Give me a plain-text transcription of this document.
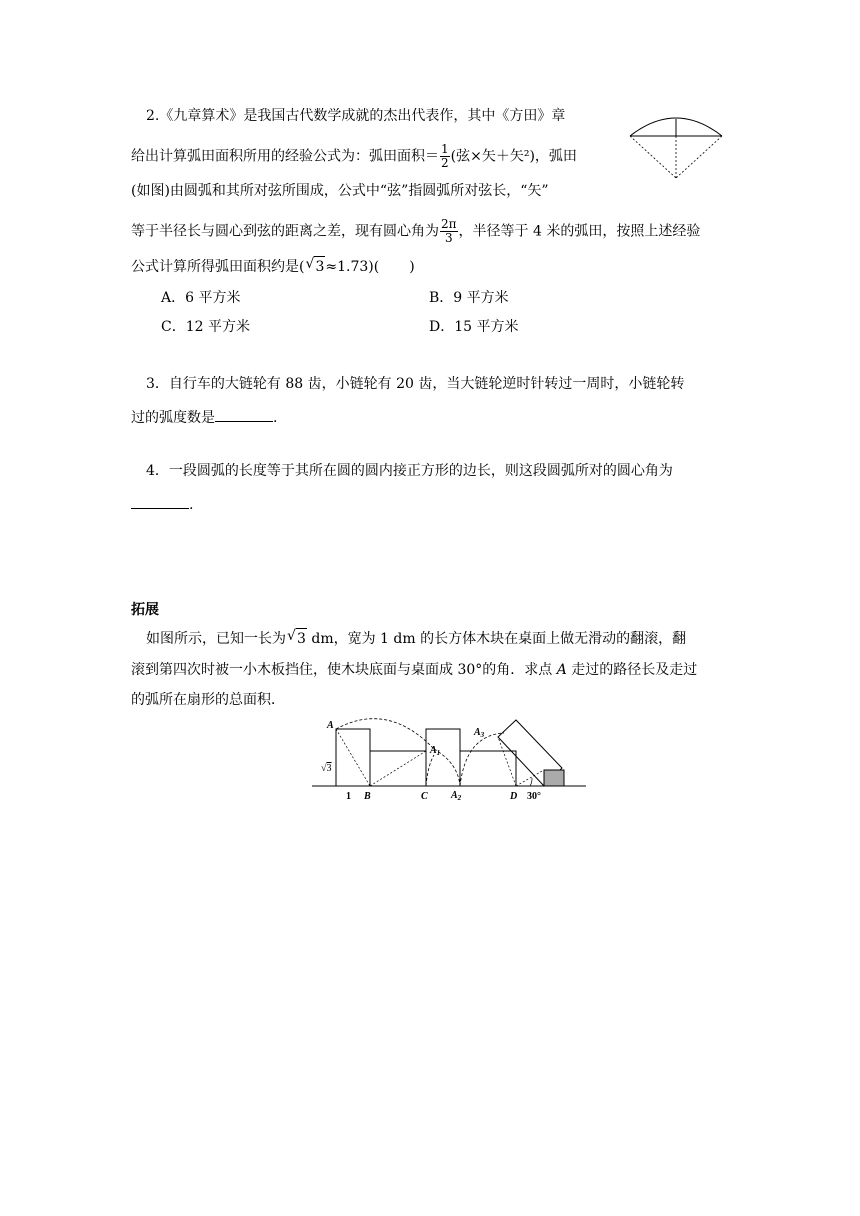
2.《九章算术》是我国古代数学成就的杰出代表作，其中《方田》章
给出计算弧田面积所用的经验公式为：弧田面积＝ $\frac{1}{2}$ (弦×矢＋矢²)，弧田
(如图)由圆弧和其所对弦所围成，公式中“弦”指圆弧所对弦长，“矢”
等于半径长与圆心到弦的距离之差，现有圆心角为 $\frac{2\pi}{3}$ ，半径等于 4 米的弧田，按照上述经验
公式计算所得弧田面积约是( √ 3≈1.73)( )
A．6 平方米	B．9 平方米
C．12 平方米	D．15 平方米
3．自行车的大链轮有 88 齿，小链轮有 20 齿，当大链轮逆时针转过一周时，小链轮转
过的弧度数是	.
4．一段圆弧的长度等于其所在圆的圆内接正方形的边长，则这段圆弧所对的圆心角为
.
拓展
如图所示，已知一长为 √ 3 dm，宽为 1 dm 的长方体木块在桌面上做无滑动的翻滚，翻
滚到第四次时被一小木板挡住，使木块底面与桌面成 30°的角．求点 A 走过的路径长及走过
的弧所在扇形的总面积．
A
$A_1$
$A_2$
$A_3$
B	C	D
1
√3
30°
